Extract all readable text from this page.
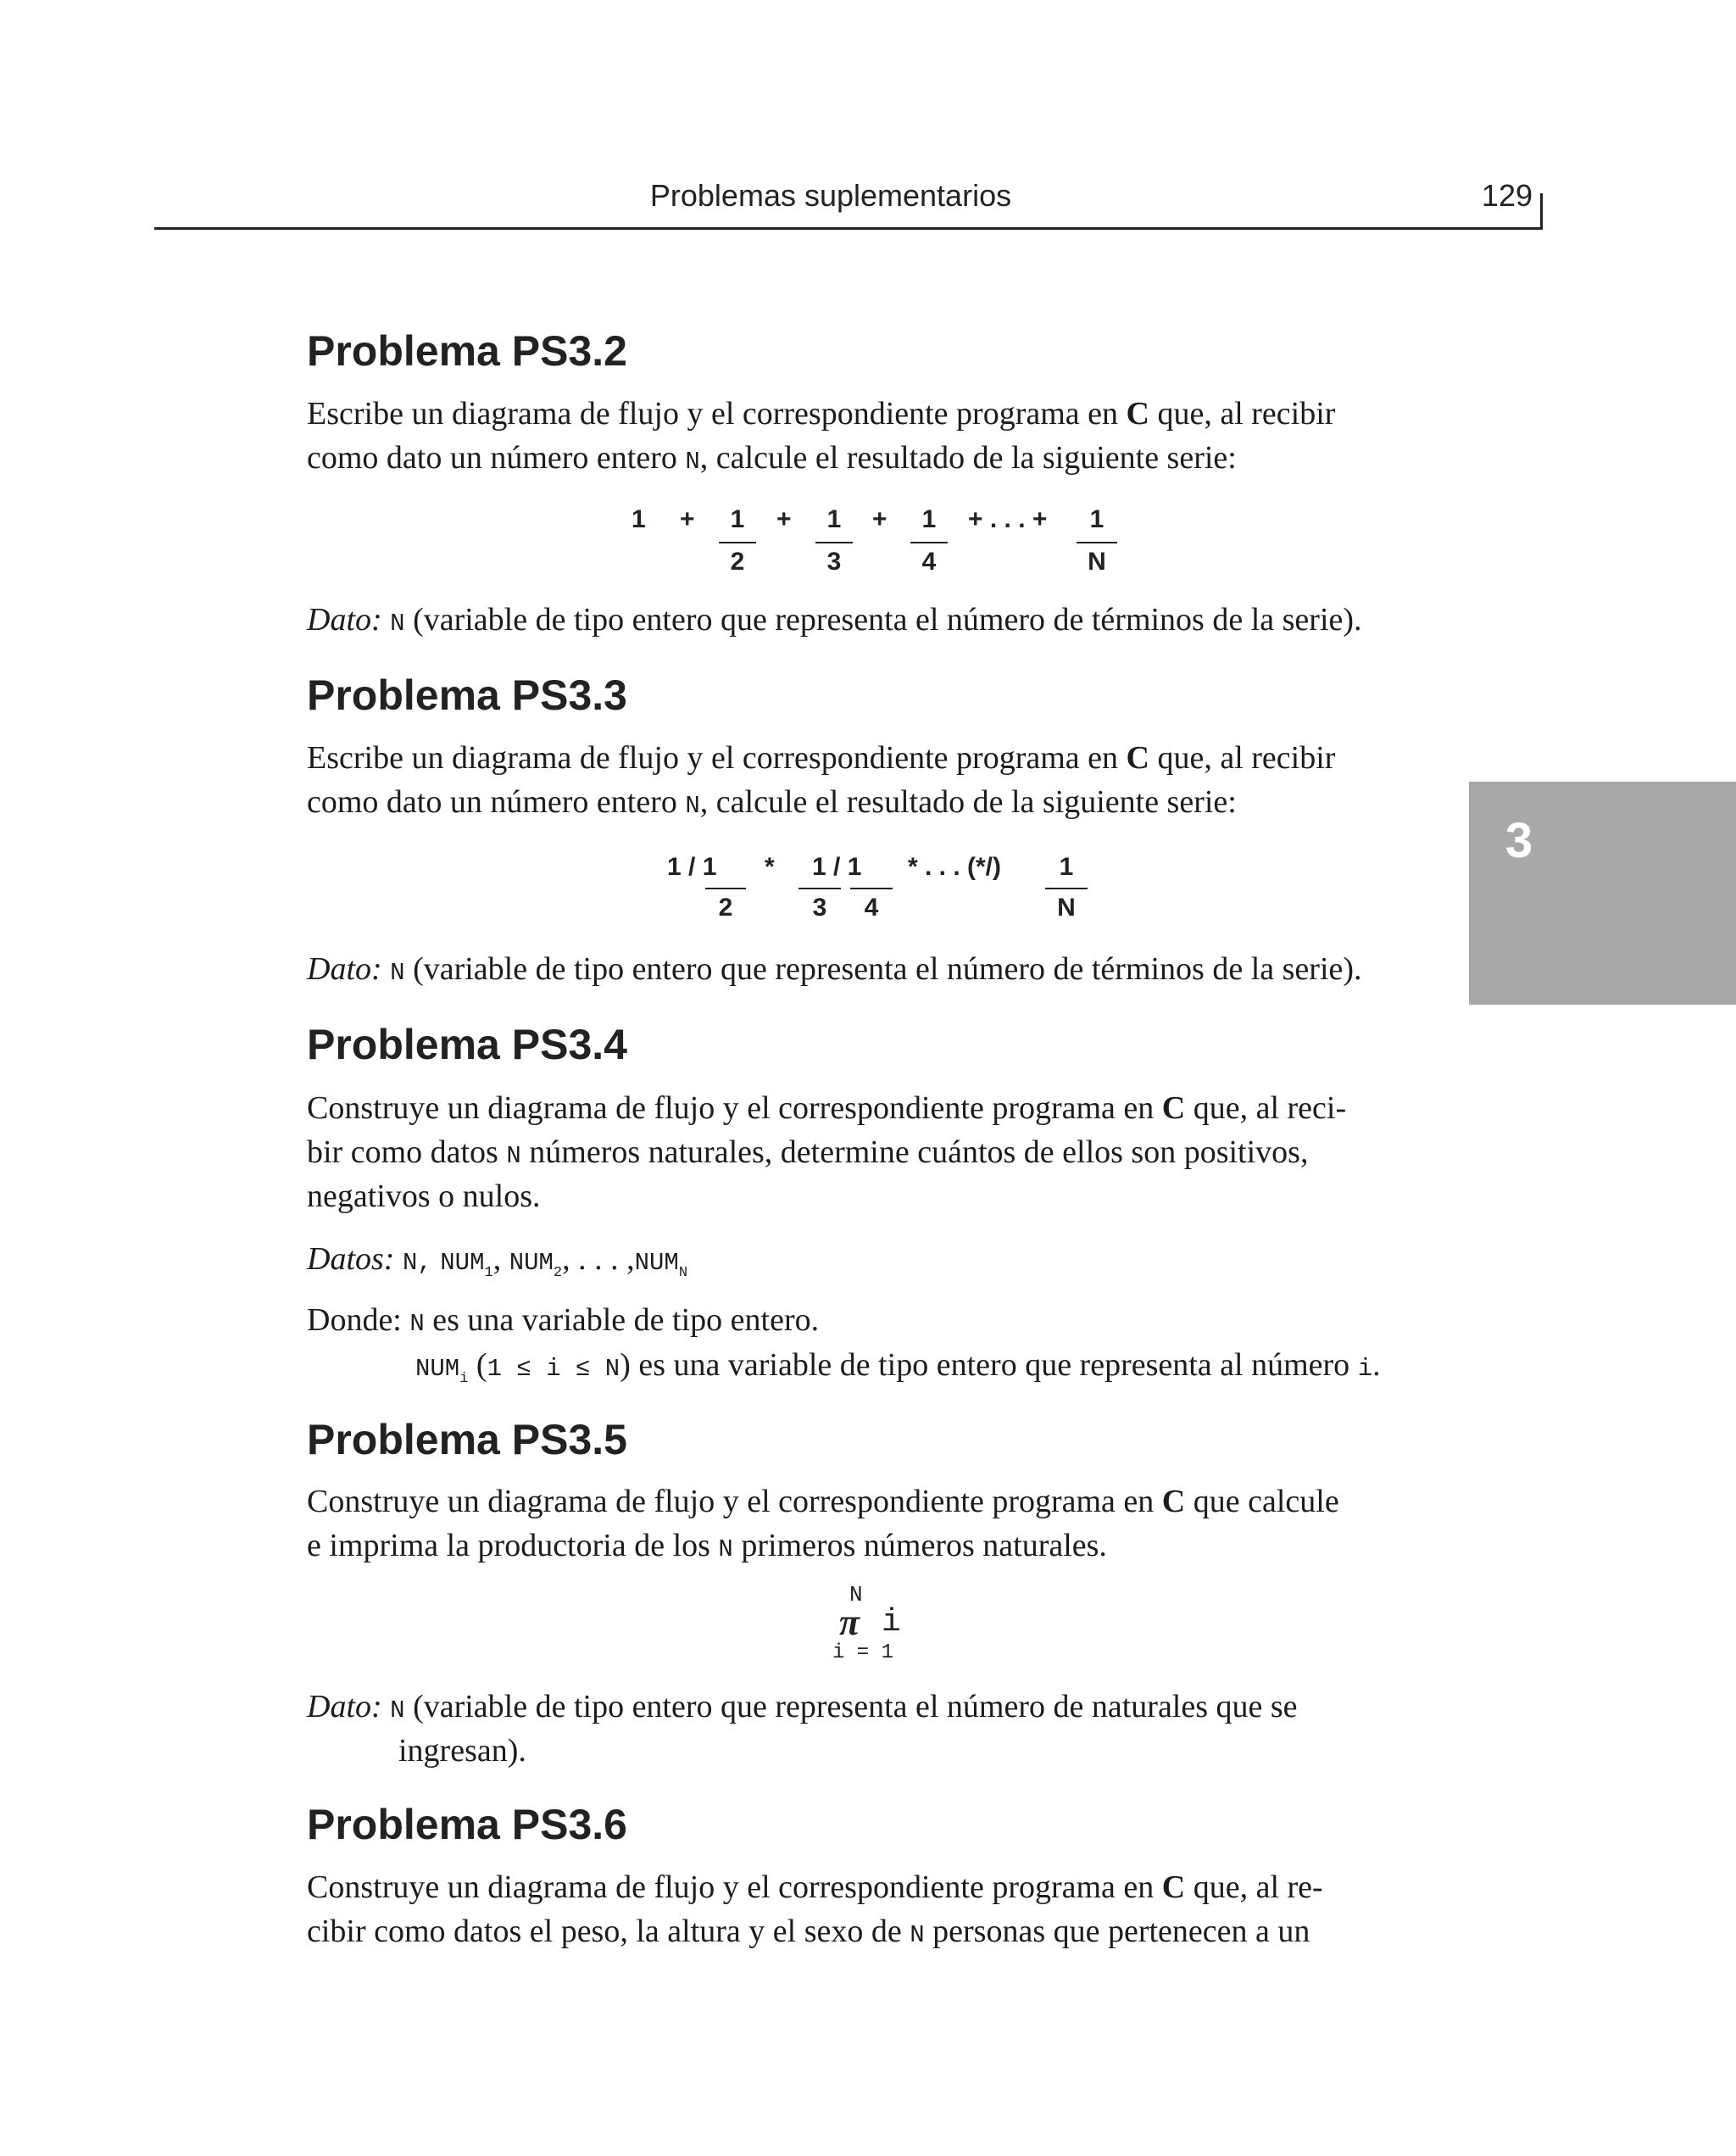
Problemas suplementarios	129
3
Problema PS3.2
Escribe un diagrama de flujo y el correspondiente programa en C que, al recibir
como dato un número entero N, calcule el resultado de la siguiente serie:
1 +	1
2
+	1
3
+	1
4
+ . . . +	1
N
Dato: N (variable de tipo entero que representa el número de términos de la serie).
Problema PS3.3
Escribe un diagrama de flujo y el correspondiente programa en C que, al recibir
como dato un número entero N, calcule el resultado de la siguiente serie:
1 / 1
2
* 1 / 1
3	4
* . . . (*/)	1
N
Dato: N (variable de tipo entero que representa el número de términos de la serie).
Problema PS3.4
Construye un diagrama de flujo y el correspondiente programa en C que, al reci-
bir como datos N números naturales, determine cuántos de ellos son positivos,
negativos o nulos.
Datos: N, $NUM_1$, $NUM_2$, . . . $,NUM_N$
Donde: N es una variable de tipo entero.
$NUM_i$ (1 ≤ i ≤ N) es una variable de tipo entero que representa al número i.
Problema PS3.5
Construye un diagrama de flujo y el correspondiente programa en C que calcule
e imprima la productoria de los N primeros números naturales.
N
π i
i = 1
Dato: N (variable de tipo entero que representa el número de naturales que se
ingresan).
Problema PS3.6
Construye un diagrama de flujo y el correspondiente programa en C que, al re-
cibir como datos el peso, la altura y el sexo de N personas que pertenecen a un
